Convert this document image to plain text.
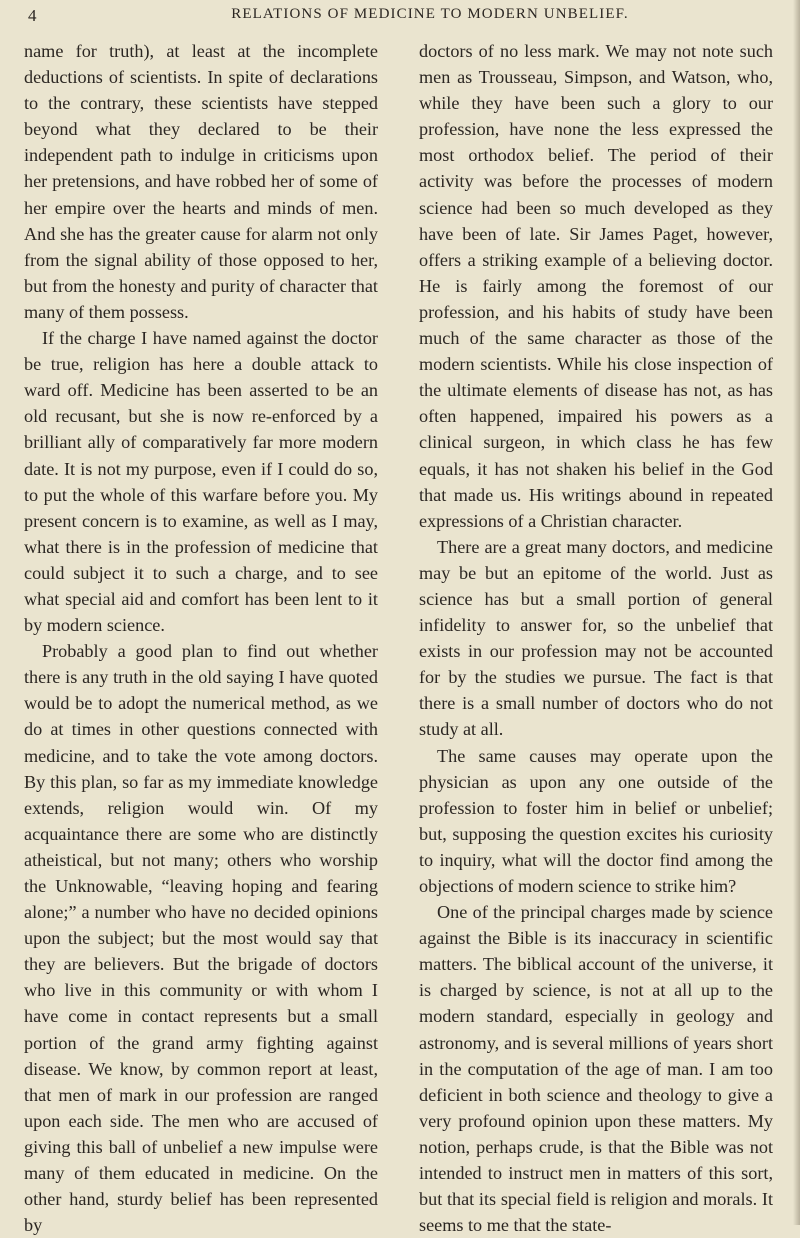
4	RELATIONS OF MEDICINE TO MODERN UNBELIEF.

name for truth), at least at the incomplete deductions of scientists. In spite of declarations to the contrary, these scientists have stepped beyond what they declared to be their independent path to indulge in criticisms upon her pretensions, and have robbed her of some of her empire over the hearts and minds of men. And she has the greater cause for alarm not only from the signal ability of those opposed to her, but from the honesty and purity of character that many of them possess.

If the charge I have named against the doctor be true, religion has here a double attack to ward off. Medicine has been asserted to be an old recusant, but she is now re-enforced by a brilliant ally of comparatively far more modern date. It is not my purpose, even if I could do so, to put the whole of this warfare before you. My present concern is to examine, as well as I may, what there is in the profession of medicine that could subject it to such a charge, and to see what special aid and comfort has been lent to it by modern science.

Probably a good plan to find out whether there is any truth in the old saying I have quoted would be to adopt the numerical method, as we do at times in other questions connected with medicine, and to take the vote among doctors. By this plan, so far as my immediate knowledge extends, religion would win. Of my acquaintance there are some who are distinctly atheistical, but not many; others who worship the Unknowable, “leaving hoping and fearing alone;” a number who have no decided opinions upon the subject; but the most would say that they are believers. But the brigade of doctors who live in this community or with whom I have come in contact represents but a small portion of the grand army fighting against disease. We know, by common report at least, that men of mark in our profession are ranged upon each side. The men who are accused of giving this ball of unbelief a new impulse were many of them educated in medicine. On the other hand, sturdy belief has been represented by

doctors of no less mark. We may not note such men as Trousseau, Simpson, and Watson, who, while they have been such a glory to our profession, have none the less expressed the most orthodox belief. The period of their activity was before the processes of modern science had been so much developed as they have been of late. Sir James Paget, however, offers a striking example of a believing doctor. He is fairly among the foremost of our profession, and his habits of study have been much of the same character as those of the modern scientists. While his close inspection of the ultimate elements of disease has not, as has often happened, impaired his powers as a clinical surgeon, in which class he has few equals, it has not shaken his belief in the God that made us. His writings abound in repeated expressions of a Christian character.

There are a great many doctors, and medicine may be but an epitome of the world. Just as science has but a small portion of general infidelity to answer for, so the unbelief that exists in our profession may not be accounted for by the studies we pursue. The fact is that there is a small number of doctors who do not study at all.

The same causes may operate upon the physician as upon any one outside of the profession to foster him in belief or unbelief; but, supposing the question excites his curiosity to inquiry, what will the doctor find among the objections of modern science to strike him?

One of the principal charges made by science against the Bible is its inaccuracy in scientific matters. The biblical account of the universe, it is charged by science, is not at all up to the modern standard, especially in geology and astronomy, and is several millions of years short in the computation of the age of man. I am too deficient in both science and theology to give a very profound opinion upon these matters. My notion, perhaps crude, is that the Bible was not intended to instruct men in matters of this sort, but that its special field is religion and morals. It seems to me that the state-
